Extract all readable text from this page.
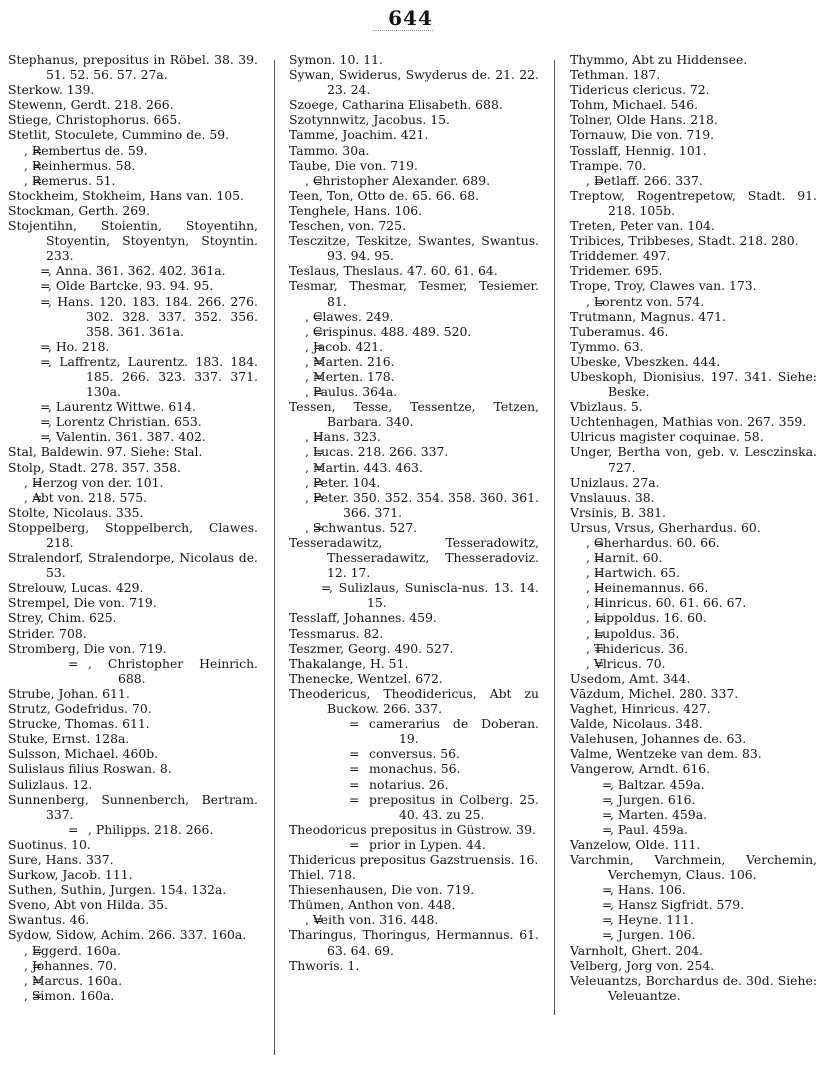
644
Stephanus, prepositus in Röbel. 38. 39. 51. 52. 56. 57. 27a.
Sterkow. 139.
Stewenn, Gerdt. 218. 266.
Stiege, Christophorus. 665.
Stetlit, Stoculete, Cummino de. 59.
= , Rembertus de. 59.
= , Reinhermus. 58.
= , Remerus. 51.
Stockheim, Stokheim, Hans van. 105.
Stockman, Gerth. 269.
Stojentihn, Stoientin, Stoyentihn, Stoyentin, Stoyentyn, Stoyntin. 233.
= , Anna. 361. 362. 402. 361a.
= , Olde Bartcke. 93. 94. 95.
= , Hans. 120. 183. 184. 266. 276. 302. 328. 337. 352. 356. 358. 361. 361a.
= , Ho. 218.
= , Laffrentz, Laurentz. 183. 184. 185. 266. 323. 337. 371. 130a.
= , Laurentz Wittwe. 614.
= , Lorentz Christian. 653.
= , Valentin. 361. 387. 402.
Stal, Baldewin. 97. Siehe: Stal.
Stolp, Stadt. 278. 357. 358.
= , Herzog von der. 101.
= , Abt von. 218. 575.
Stolte, Nicolaus. 335.
Stoppelberg, Stoppelberch, Clawes. 218.
Stralendorf, Stralendorpe, Nicolaus de. 53.
Strelouw, Lucas. 429.
Strempel, Die von. 719.
Strey, Chim. 625.
Strider. 708.
Stromberg, Die von. 719.
= , Christopher Heinrich. 688.
Strube, Johan. 611.
Strutz, Godefridus. 70.
Strucke, Thomas. 611.
Stuke, Ernst. 128a.
Sulsson, Michael. 460b.
Sulislaus filius Roswan. 8.
Sulizlaus. 12.
Sunnenberg, Sunnenberch, Bertram. 337.
= , Philipps. 218. 266.
Suotinus. 10.
Sure, Hans. 337.
Surkow, Jacob. 111.
Suthen, Suthin, Jurgen. 154. 132a.
Sveno, Abt von Hilda. 35.
Swantus. 46.
Sydow, Sidow, Achim. 266. 337. 160a.
= , Eggerd. 160a.
= , Johannes. 70.
= , Marcus. 160a.
= , Simon. 160a.
Symon. 10. 11.
Sywan, Swiderus, Swyderus de. 21. 22. 23. 24.
Szoege, Catharina Elisabeth. 688.
Szotynnwitz, Jacobus. 15.
Tamme, Joachim. 421.
Tammo. 30a.
Taube, Die von. 719.
= , Christopher Alexander. 689.
Teen, Ton, Otto de. 65. 66. 68.
Tenghele, Hans. 106.
Teschen, von. 725.
Tesczitze, Teskitze, Swantes, Swantus. 93. 94. 95.
Teslaus, Theslaus. 47. 60. 61. 64.
Tesmar, Thesmar, Tesmer, Tesiemer. 81.
= , Clawes. 249.
= , Crispinus. 488. 489. 520.
= , Jacob. 421.
= , Marten. 216.
= , Merten. 178.
= , Paulus. 364a.
Tessen, Tesse, Tessentze, Tetzen, Barbara. 340.
= , Hans. 323.
= , Lucas. 218. 266. 337.
= , Martin. 443. 463.
= , Peter. 104.
= , Peter. 350. 352. 354. 358. 360. 361. 366. 371.
= , Schwantus. 527.
Tesseradawitz, Tesseradowitz, Thesseradawitz, Thesseradoviz. 12. 17.
= , Sulizlaus, Suniscla-nus. 13. 14. 15.
Tesslaff, Johannes. 459.
Tessmarus. 82.
Teszmer, Georg. 490. 527.
Thakalange, H. 51.
Thenecke, Wentzel. 672.
Theodericus, Theodidericus, Abt zu Buckow. 266. 337.
= camerarius de Doberan. 19.
= conversus. 56.
= monachus. 56.
= notarius. 26.
= prepositus in Colberg. 25. 40. 43. zu 25.
Theodoricus prepositus in Güstrow. 39.
= prior in Lypen. 44.
Thidericus prepositus Gazstruensis. 16.
Thiel. 718.
Thiesenhausen, Die von. 719.
Thümen, Anthon von. 448.
= , Veith von. 316. 448.
Tharingus, Thoringus, Hermannus. 61. 63. 64. 69.
Thworis. 1.
Thymmo, Abt zu Hiddensee.
Tethman. 187.
Tidericus clericus. 72.
Tohm, Michael. 546.
Tolner, Olde Hans. 218.
Tornauw, Die von. 719.
Tosslaff, Hennig. 101.
Trampe. 70.
= , Detlaff. 266. 337.
Treptow, Rogentrepetow, Stadt. 91. 218. 105b.
Treten, Peter van. 104.
Tribices, Tribbeses, Stadt. 218. 280.
Triddemer. 497.
Tridemer. 695.
Trope, Troy, Clawes van. 173.
= , Lorentz von. 574.
Trutmann, Magnus. 471.
Tuberamus. 46.
Tymmo. 63.
Ubeske, Vbeszken. 444.
Ubeskoph, Dionisius. 197. 341. Siehe: Beske.
Vbizlaus. 5.
Uchtenhagen, Mathias von. 267. 359.
Ulricus magister coquinae. 58.
Unger, Bertha von, geb. v. Lesczinska. 727.
Unizlaus. 27a.
Vnslauus. 38.
Vrsinis, B. 381.
Ursus, Vrsus, Gherhardus. 60.
= , Gherhardus. 60. 66.
= , Harnit. 60.
= , Hartwich. 65.
= , Heinemannus. 66.
= , Hinricus. 60. 61. 66. 67.
= , Lippoldus. 16. 60.
= , Lupoldus. 36.
= , Thidericus. 36.
= , Vlricus. 70.
Usedom, Amt. 344.
Vāzdum, Michel. 280. 337.
Vaghet, Hinricus. 427.
Valde, Nicolaus. 348.
Valehusen, Johannes de. 63.
Valme, Wentzeke van dem. 83.
Vangerow, Arndt. 616.
= , Baltzar. 459a.
= , Jurgen. 616.
= , Marten. 459a.
= , Paul. 459a.
Vanzelow, Olde. 111.
Varchmin, Varchmein, Verchemin, Verchemyn, Claus. 106.
= , Hans. 106.
= , Hansz Sigfridt. 579.
= , Heyne. 111.
= , Jurgen. 106.
Varnholt, Ghert. 204.
Velberg, Jorg von. 254.
Veleuantzs, Borchardus de. 30d. Siehe: Veleuantze.
